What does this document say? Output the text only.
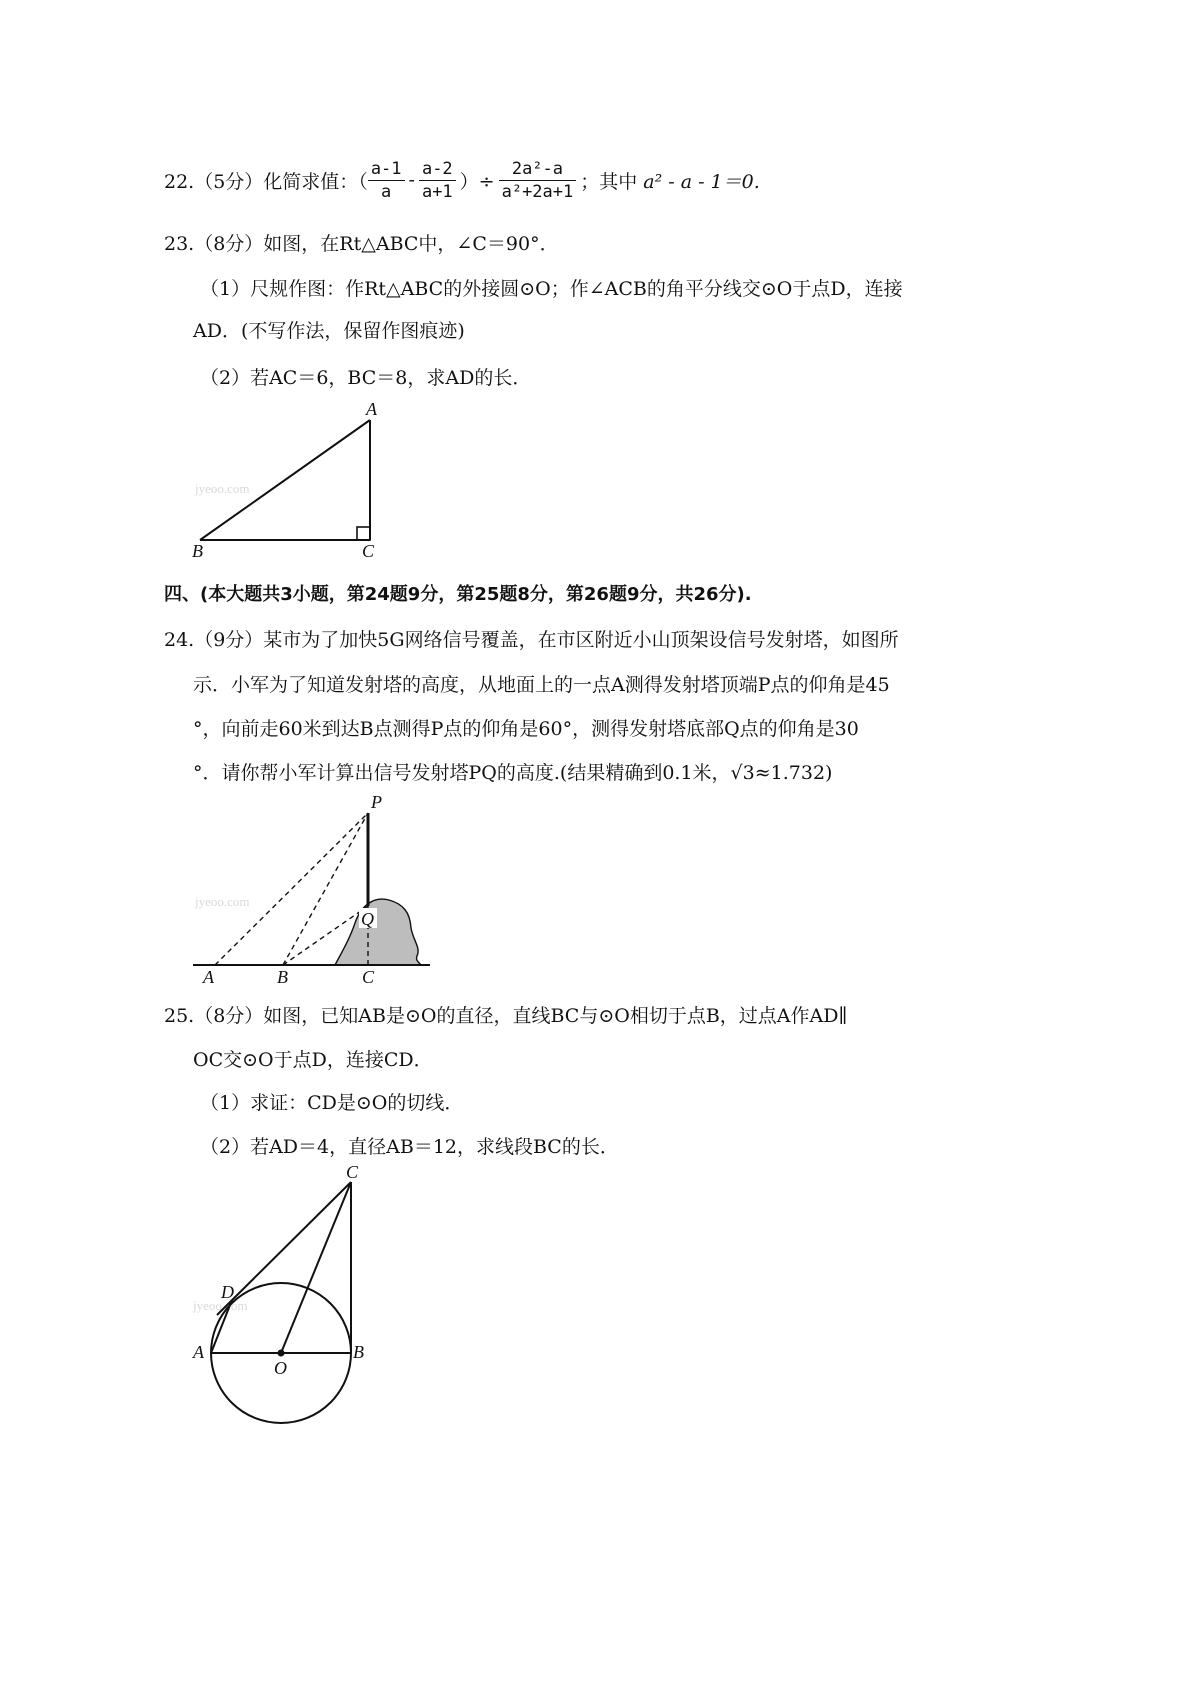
22.（5分）化简求值：（ $\frac{a-1}{a} - \frac{a-2}{a+1}$ ）÷ $\frac{\text{2a²-a}}{\text{a²+2a+1}}$ ；其中 a² - a - 1＝0.
23.（8分）如图，在Rt△ABC中，∠C＝90°．
（1）尺规作图：作Rt△ABC的外接圆⊙O；作∠ACB的角平分线交⊙O于点D，连接
AD．(不写作法，保留作图痕迹)
（2）若AC＝6，BC＝8，求AD的长．
jyeoo.com
A
B	C
四、(本大题共3小题，第24题9分，第25题8分，第26题9分，共26分).
24.（9分）某市为了加快5G网络信号覆盖，在市区附近小山顶架设信号发射塔，如图所
示．小军为了知道发射塔的高度，从地面上的一点A测得发射塔顶端P点的仰角是45
°，向前走60米到达B点测得P点的仰角是60°，测得发射塔底部Q点的仰角是30
°．请你帮小军计算出信号发射塔PQ的高度.(结果精确到0.1米，√3≈1.732)
jyeoo.com
P
Q
A	B	C
25.（8分）如图，已知AB是⊙O的直径，直线BC与⊙O相切于点B，过点A作AD∥
OC交⊙O于点D，连接CD．
（1）求证：CD是⊙O的切线．
（2）若AD＝4，直径AB＝12，求线段BC的长．
jyeoo.com
C
D
A	B
O
